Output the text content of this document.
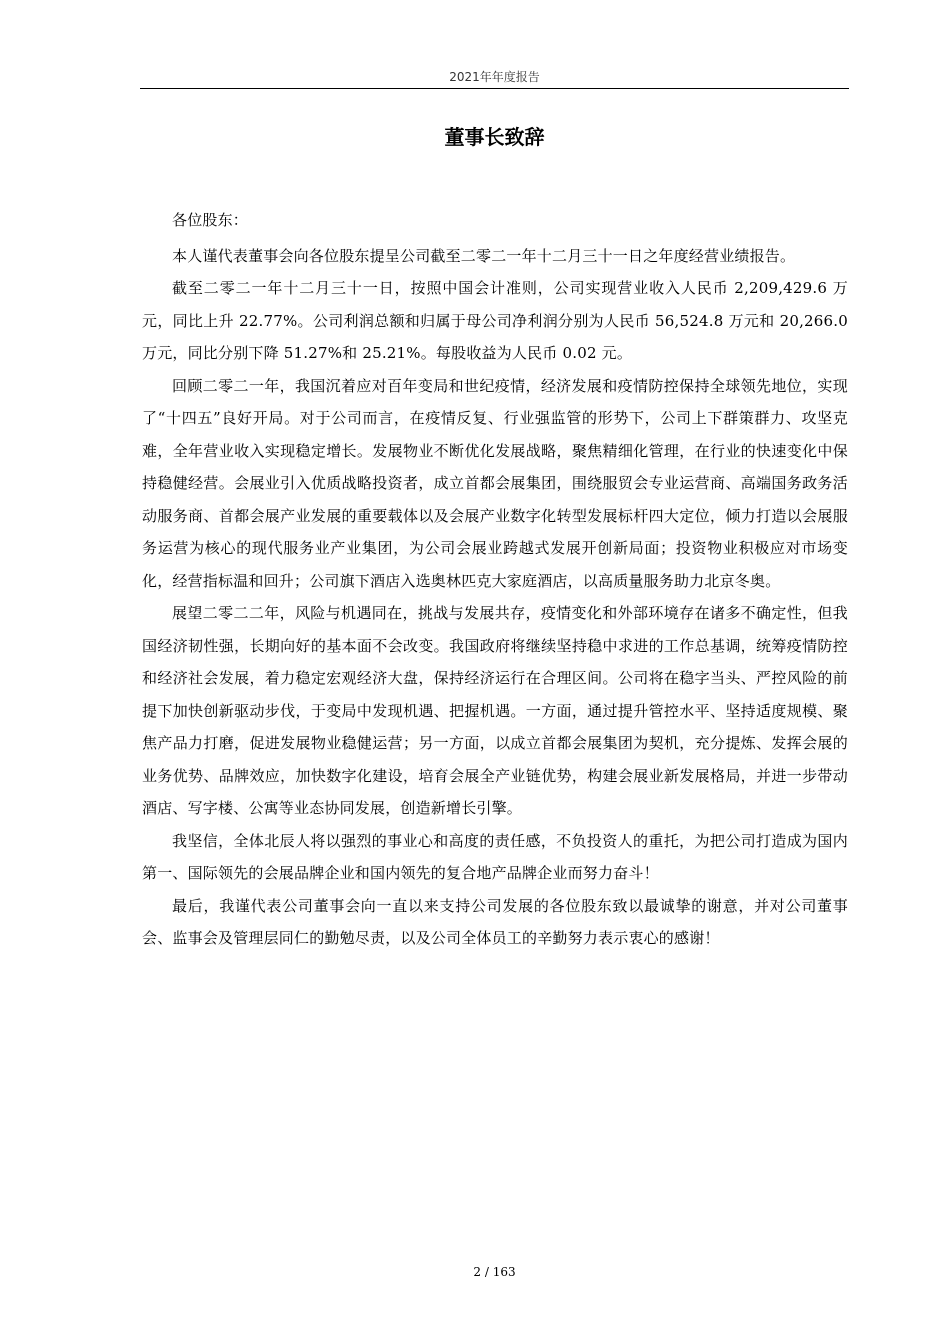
2021年年度报告
董事长致辞

各位股东：

本人谨代表董事会向各位股东提呈公司截至二零二一年十二月三十一日之年度经营业绩报告。

截至二零二一年十二月三十一日，按照中国会计准则，公司实现营业收入人民币 2,209,429.6 万元，同比上升 22.77%。公司利润总额和归属于母公司净利润分别为人民币 56,524.8 万元和 20,266.0 万元，同比分别下降 51.27%和 25.21%。每股收益为人民币 0.02 元。

回顾二零二一年，我国沉着应对百年变局和世纪疫情，经济发展和疫情防控保持全球领先地位，实现了“十四五”良好开局。对于公司而言，在疫情反复、行业强监管的形势下，公司上下群策群力、攻坚克难，全年营业收入实现稳定增长。发展物业不断优化发展战略，聚焦精细化管理，在行业的快速变化中保持稳健经营。会展业引入优质战略投资者，成立首都会展集团，围绕服贸会专业运营商、高端国务政务活动服务商、首都会展产业发展的重要载体以及会展产业数字化转型发展标杆四大定位，倾力打造以会展服务运营为核心的现代服务业产业集团，为公司会展业跨越式发展开创新局面；投资物业积极应对市场变化，经营指标温和回升；公司旗下酒店入选奥林匹克大家庭酒店，以高质量服务助力北京冬奥。

展望二零二二年，风险与机遇同在，挑战与发展共存，疫情变化和外部环境存在诸多不确定性，但我国经济韧性强，长期向好的基本面不会改变。我国政府将继续坚持稳中求进的工作总基调，统筹疫情防控和经济社会发展，着力稳定宏观经济大盘，保持经济运行在合理区间。公司将在稳字当头、严控风险的前提下加快创新驱动步伐，于变局中发现机遇、把握机遇。一方面，通过提升管控水平、坚持适度规模、聚焦产品力打磨，促进发展物业稳健运营；另一方面，以成立首都会展集团为契机，充分提炼、发挥会展的业务优势、品牌效应，加快数字化建设，培育会展全产业链优势，构建会展业新发展格局，并进一步带动酒店、写字楼、公寓等业态协同发展，创造新增长引擎。

我坚信，全体北辰人将以强烈的事业心和高度的责任感，不负投资人的重托，为把公司打造成为国内第一、国际领先的会展品牌企业和国内领先的复合地产品牌企业而努力奋斗！

最后，我谨代表公司董事会向一直以来支持公司发展的各位股东致以最诚挚的谢意，并对公司董事会、监事会及管理层同仁的勤勉尽责，以及公司全体员工的辛勤努力表示衷心的感谢！

2 / 163
